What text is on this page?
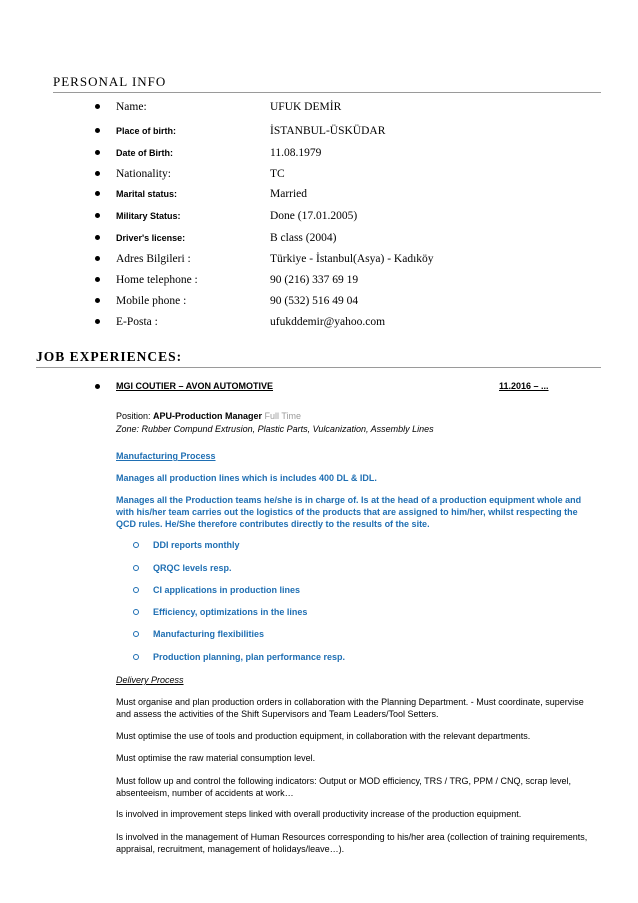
PERSONAL INFO
Name:	UFUK DEMİR
Place of birth:	İSTANBUL-ÜSKÜDAR
Date of Birth:	11.08.1979
Nationality:	TC
Marital status:	Married
Military Status:	Done (17.01.2005)
Driver's license:	B class (2004)
Adres Bilgileri :	Türkiye - İstanbul(Asya) - Kadıköy
Home telephone :	90 (216) 337 69 19
Mobile phone :	90 (532) 516 49 04
E-Posta :	ufukddemir@yahoo.com
JOB EXPERIENCES:
MGI COUTIER – AVON AUTOMOTIVE	11.2016 – ...
Position: APU-Production Manager Full Time
Zone: Rubber Compund Extrusion, Plastic Parts, Vulcanization, Assembly Lines
Manufacturing Process
Manages all production lines which is includes 400 DL & IDL.
Manages all the Production teams he/she is in charge of. Is at the head of a production equipment whole and with his/her team carries out the logistics of the products that are assigned to him/her, whilst respecting the QCD rules. He/She therefore contributes directly to the results of the site.
DDI reports monthly
QRQC levels resp.
CI applications in production lines
Efficiency, optimizations in the lines
Manufacturing flexibilities
Production planning, plan performance resp.
Delivery Process
Must organise and plan production orders in collaboration with the Planning Department. - Must coordinate, supervise and assess the activities of the Shift Supervisors and Team Leaders/Tool Setters.
Must optimise the use of tools and production equipment, in collaboration with the relevant departments.
Must optimise the raw material consumption level.
Must follow up and control the following indicators: Output or MOD efficiency, TRS / TRG, PPM / CNQ, scrap level, absenteeism, number of accidents at work…
Is involved in improvement steps linked with overall productivity increase of the production equipment.
Is involved in the management of Human Resources corresponding to his/her area (collection of training requirements, appraisal, recruitment, management of holidays/leave…).
